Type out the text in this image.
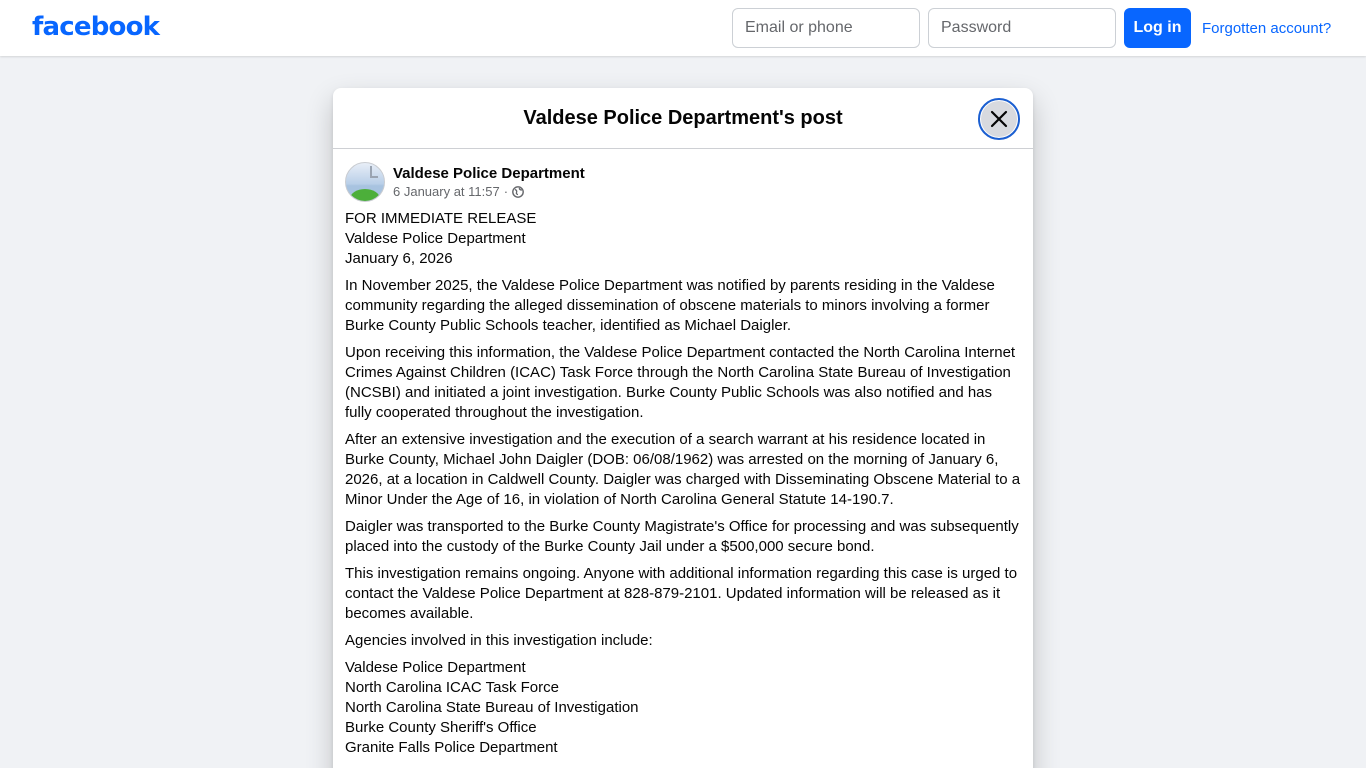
facebook
Email or phone	Log in	Forgotten account?
Valdese Police Department's post
Valdese Police Department
6 January at 11:57 ·

FOR IMMEDIATE RELEASE
Valdese Police Department
January 6, 2026

In November 2025, the Valdese Police Department was notified by parents residing in the Valdese community regarding the alleged dissemination of obscene materials to minors involving a former Burke County Public Schools teacher, identified as Michael Daigler.

Upon receiving this information, the Valdese Police Department contacted the North Carolina Internet Crimes Against Children (ICAC) Task Force through the North Carolina State Bureau of Investigation (NCSBI) and initiated a joint investigation. Burke County Public Schools was also notified and has fully cooperated throughout the investigation.

After an extensive investigation and the execution of a search warrant at his residence located in Burke County, Michael John Daigler (DOB: 06/08/1962) was arrested on the morning of January 6, 2026, at a location in Caldwell County. Daigler was charged with Disseminating Obscene Material to a Minor Under the Age of 16, in violation of North Carolina General Statute 14-190.7.

Daigler was transported to the Burke County Magistrate's Office for processing and was subsequently placed into the custody of the Burke County Jail under a $500,000 secure bond.

This investigation remains ongoing. Anyone with additional information regarding this case is urged to contact the Valdese Police Department at 828-879-2101. Updated information will be released as it becomes available.

Agencies involved in this investigation include:

Valdese Police Department
North Carolina ICAC Task Force
North Carolina State Bureau of Investigation
Burke County Sheriff's Office
Granite Falls Police Department
